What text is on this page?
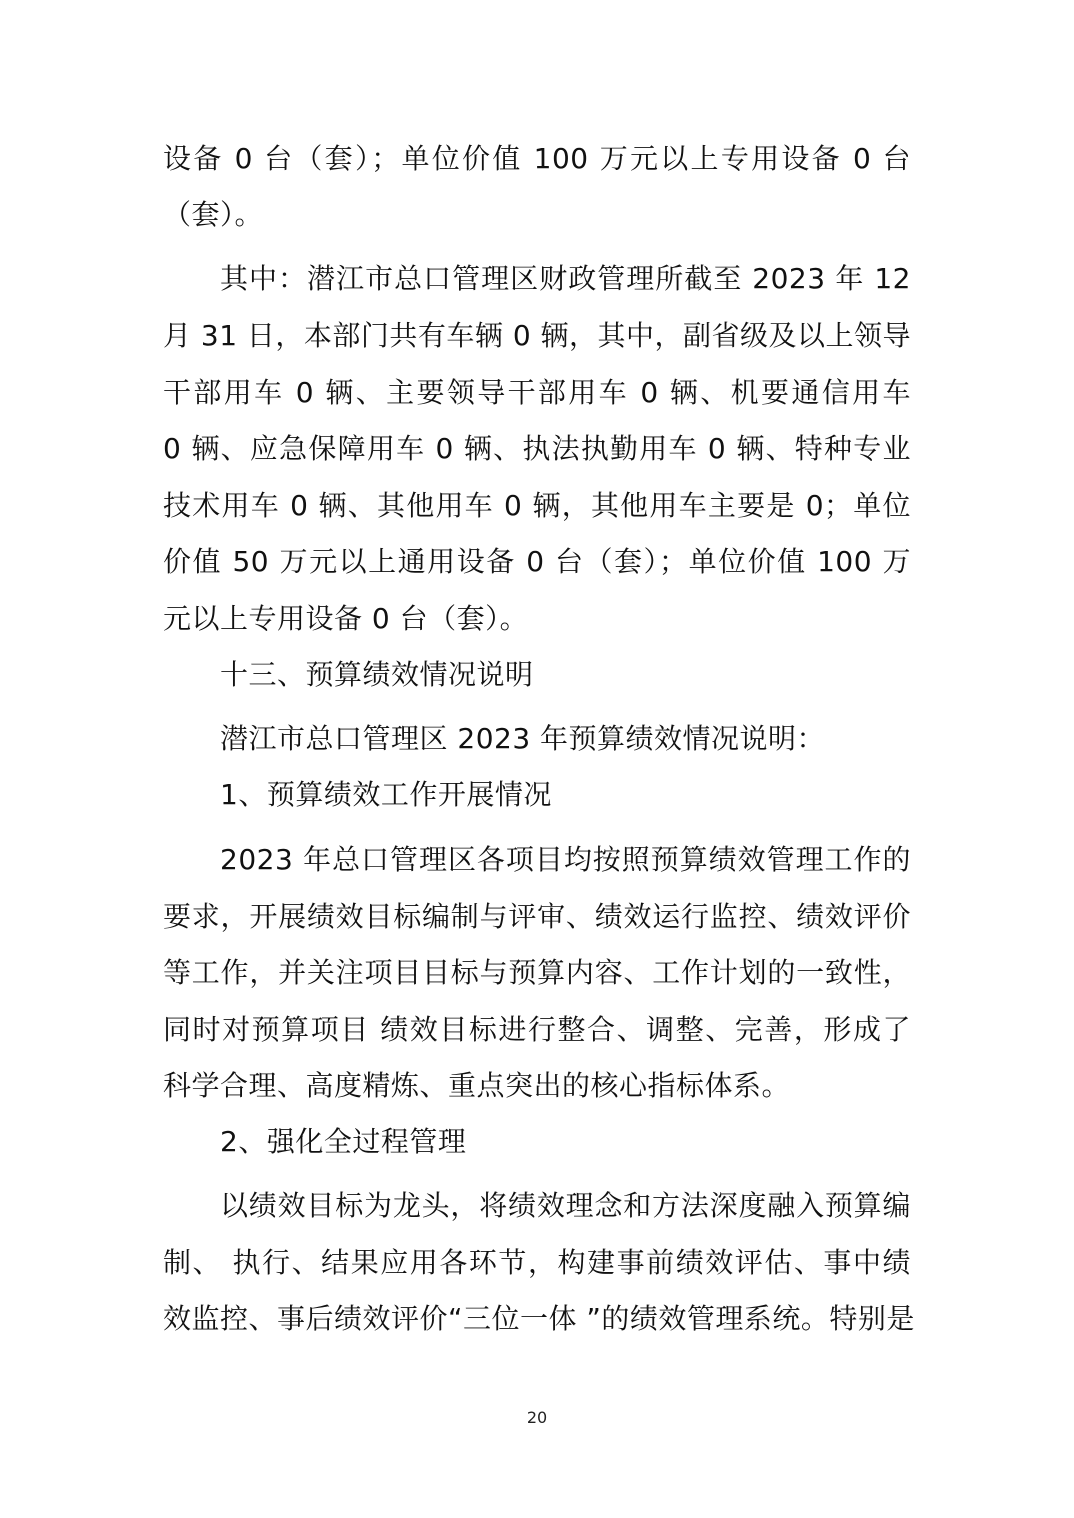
设备 0 台（套）；单位价值 100 万元以上专用设备 0 台
（套）。
其中：潜江市总口管理区财政管理所截至 2023 年 12
月 31 日，本部门共有车辆 0 辆，其中，副省级及以上领导
干部用车 0 辆、主要领导干部用车 0 辆、机要通信用车
0 辆、应急保障用车 0 辆、执法执勤用车 0 辆、特种专业
技术用车 0 辆、其他用车 0 辆，其他用车主要是 0；单位
价值 50 万元以上通用设备 0 台（套）；单位价值 100 万
元以上专用设备 0 台（套）。
十三、预算绩效情况说明
潜江市总口管理区 2023 年预算绩效情况说明：
1、预算绩效工作开展情况
2023 年总口管理区各项目均按照预算绩效管理工作的
要求，开展绩效目标编制与评审、绩效运行监控、绩效评价
等工作，并关注项目目标与预算内容、工作计划的一致性，
同时对预算项目 绩效目标进行整合、调整、完善，形成了
科学合理、高度精炼、重点突出的核心指标体系。
2、强化全过程管理
以绩效目标为龙头，将绩效理念和方法深度融入预算编
制、 执行、结果应用各环节，构建事前绩效评估、事中绩
效监控、事后绩效评价“三位一体 ”的绩效管理系统。特别是
20
